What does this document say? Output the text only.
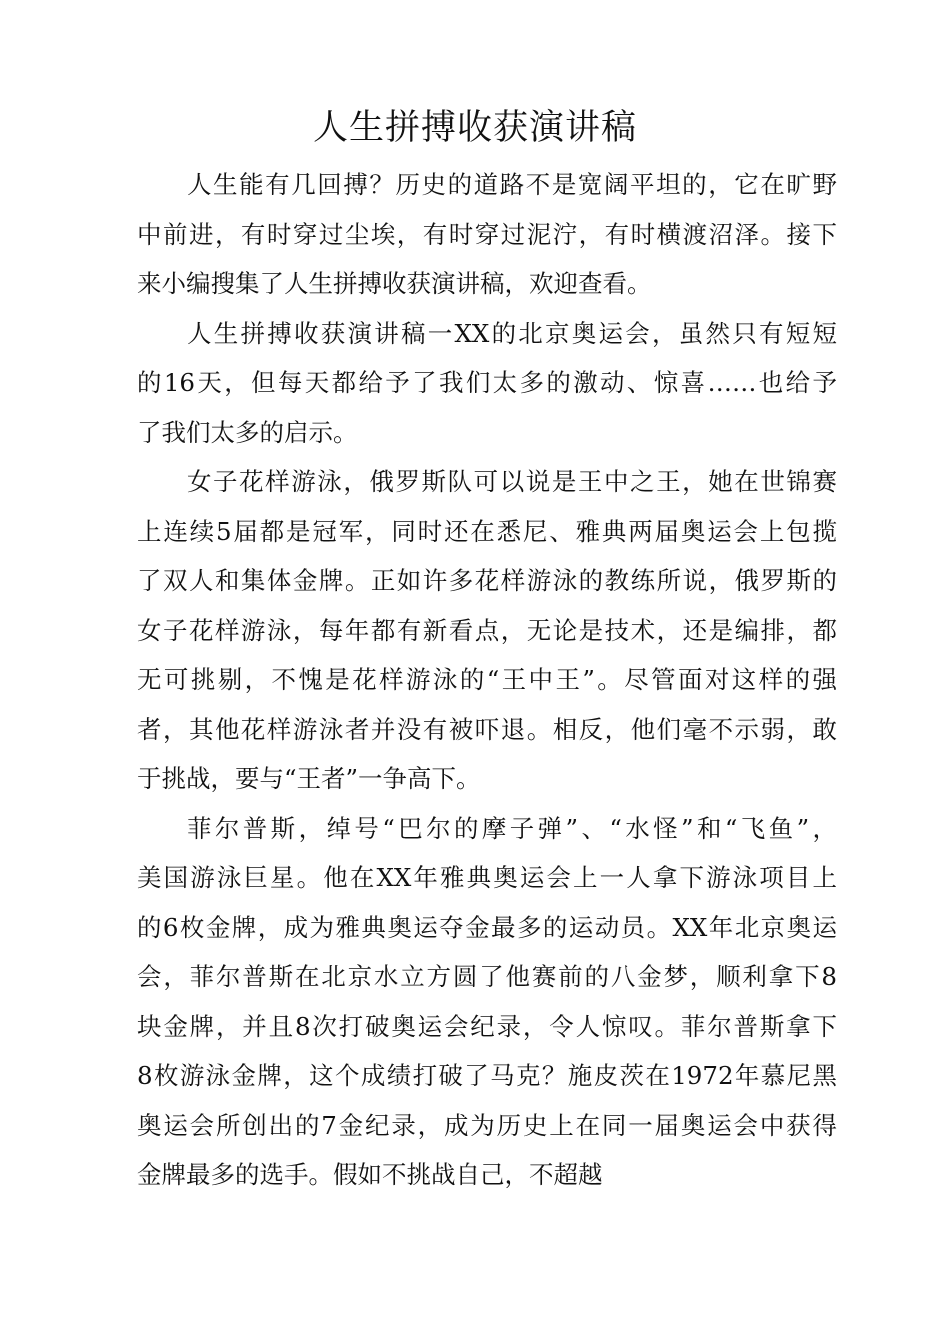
人生拼搏收获演讲稿
人生能有几回搏？历史的道路不是宽阔平坦的，它在旷野
中前进，有时穿过尘埃，有时穿过泥泞，有时横渡沼泽。接下
来小编搜集了人生拼搏收获演讲稿，欢迎查看。
人生拼搏收获演讲稿一XX的北京奥运会，虽然只有短短
的16天，但每天都给予了我们太多的激动、惊喜……也给予
了我们太多的启示。
女子花样游泳，俄罗斯队可以说是王中之王，她在世锦赛
上连续5届都是冠军，同时还在悉尼、雅典两届奥运会上包揽
了双人和集体金牌。正如许多花样游泳的教练所说，俄罗斯的
女子花样游泳，每年都有新看点，无论是技术，还是编排，都
无可挑剔，不愧是花样游泳的“王中王”。尽管面对这样的强
者，其他花样游泳者并没有被吓退。相反，他们毫不示弱，敢
于挑战，要与“王者”一争高下。
菲尔普斯，绰号“巴尔的摩子弹”、“水怪”和“飞鱼”，
美国游泳巨星。他在XX年雅典奥运会上一人拿下游泳项目上
的6枚金牌，成为雅典奥运夺金最多的运动员。XX年北京奥运
会，菲尔普斯在北京水立方圆了他赛前的八金梦，顺利拿下8
块金牌，并且8次打破奥运会纪录，令人惊叹。菲尔普斯拿下
8枚游泳金牌，这个成绩打破了马克？施皮茨在1972年慕尼黑
奥运会所创出的7金纪录，成为历史上在同一届奥运会中获得
金牌最多的选手。假如不挑战自己，不超越
